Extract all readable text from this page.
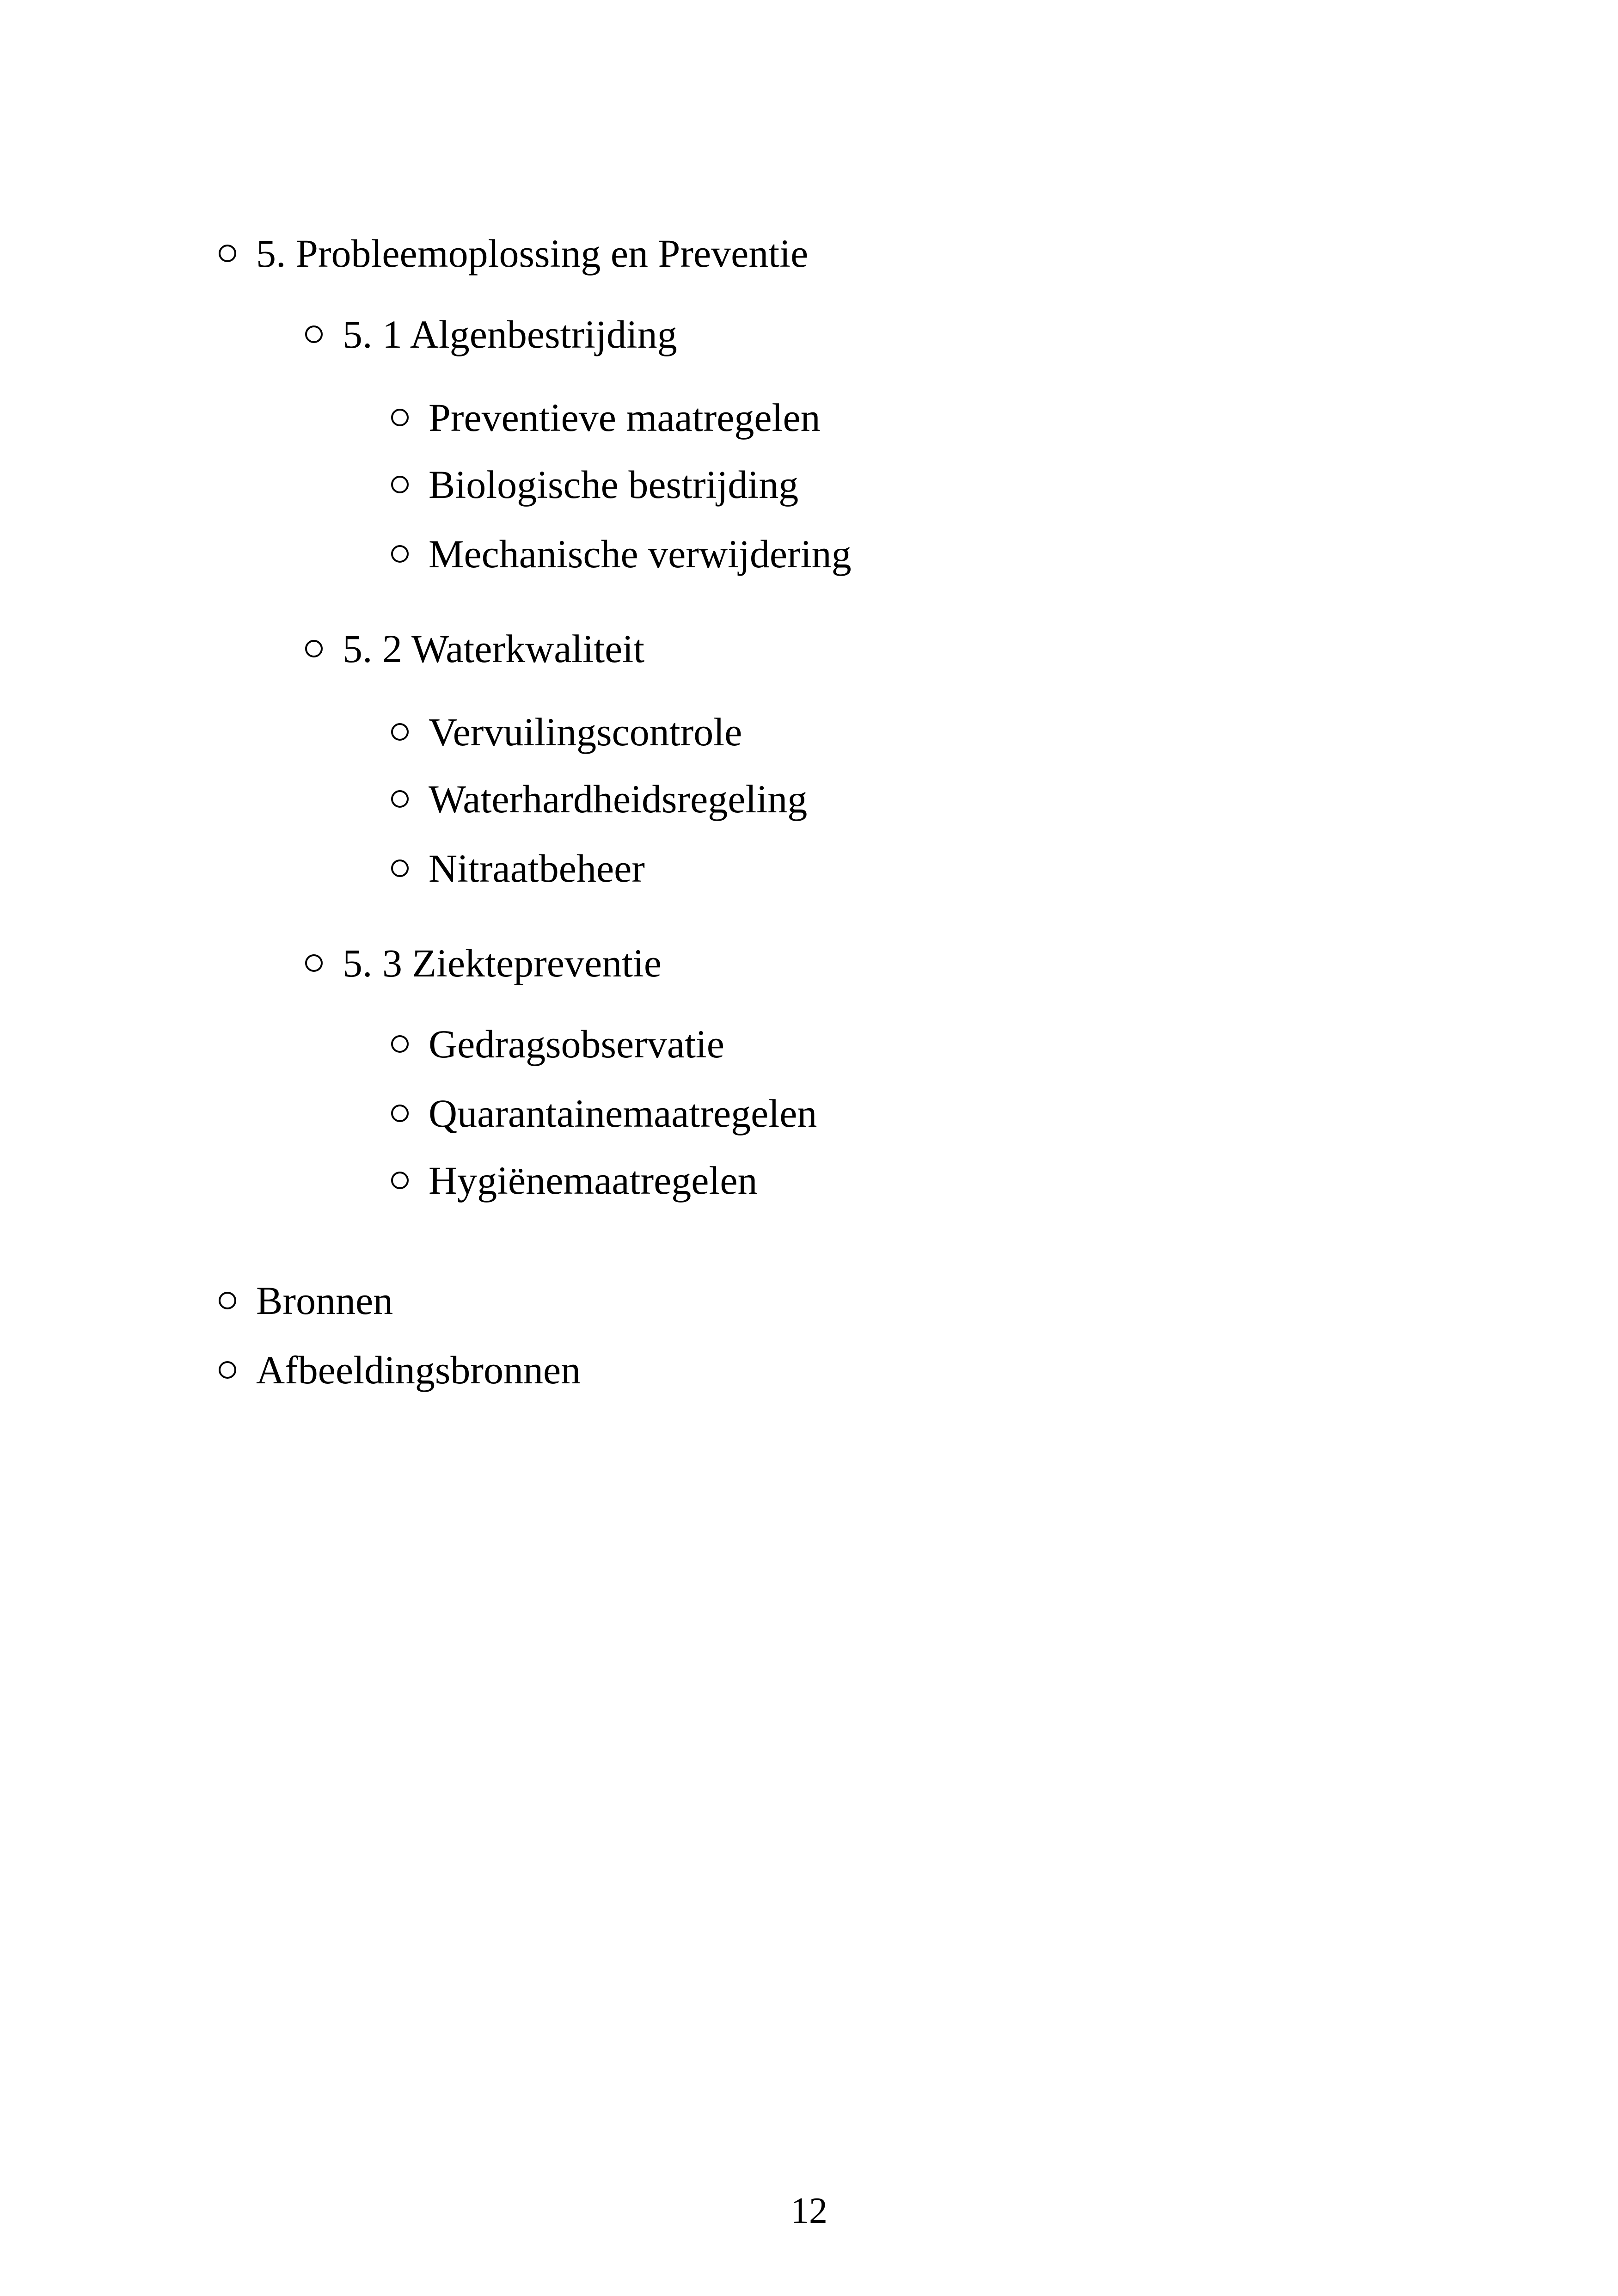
5. Probleemoplossing en Preventie
5. 1 Algenbestrijding
Preventieve maatregelen
Biologische bestrijding
Mechanische verwijdering
5. 2 Waterkwaliteit
Vervuilingscontrole
Waterhardheidsregeling
Nitraatbeheer
5. 3 Ziektepreventie
Gedragsobservatie
Quarantainemaatregelen
Hygiënemaatregelen
Bronnen
Afbeeldingsbronnen
12
